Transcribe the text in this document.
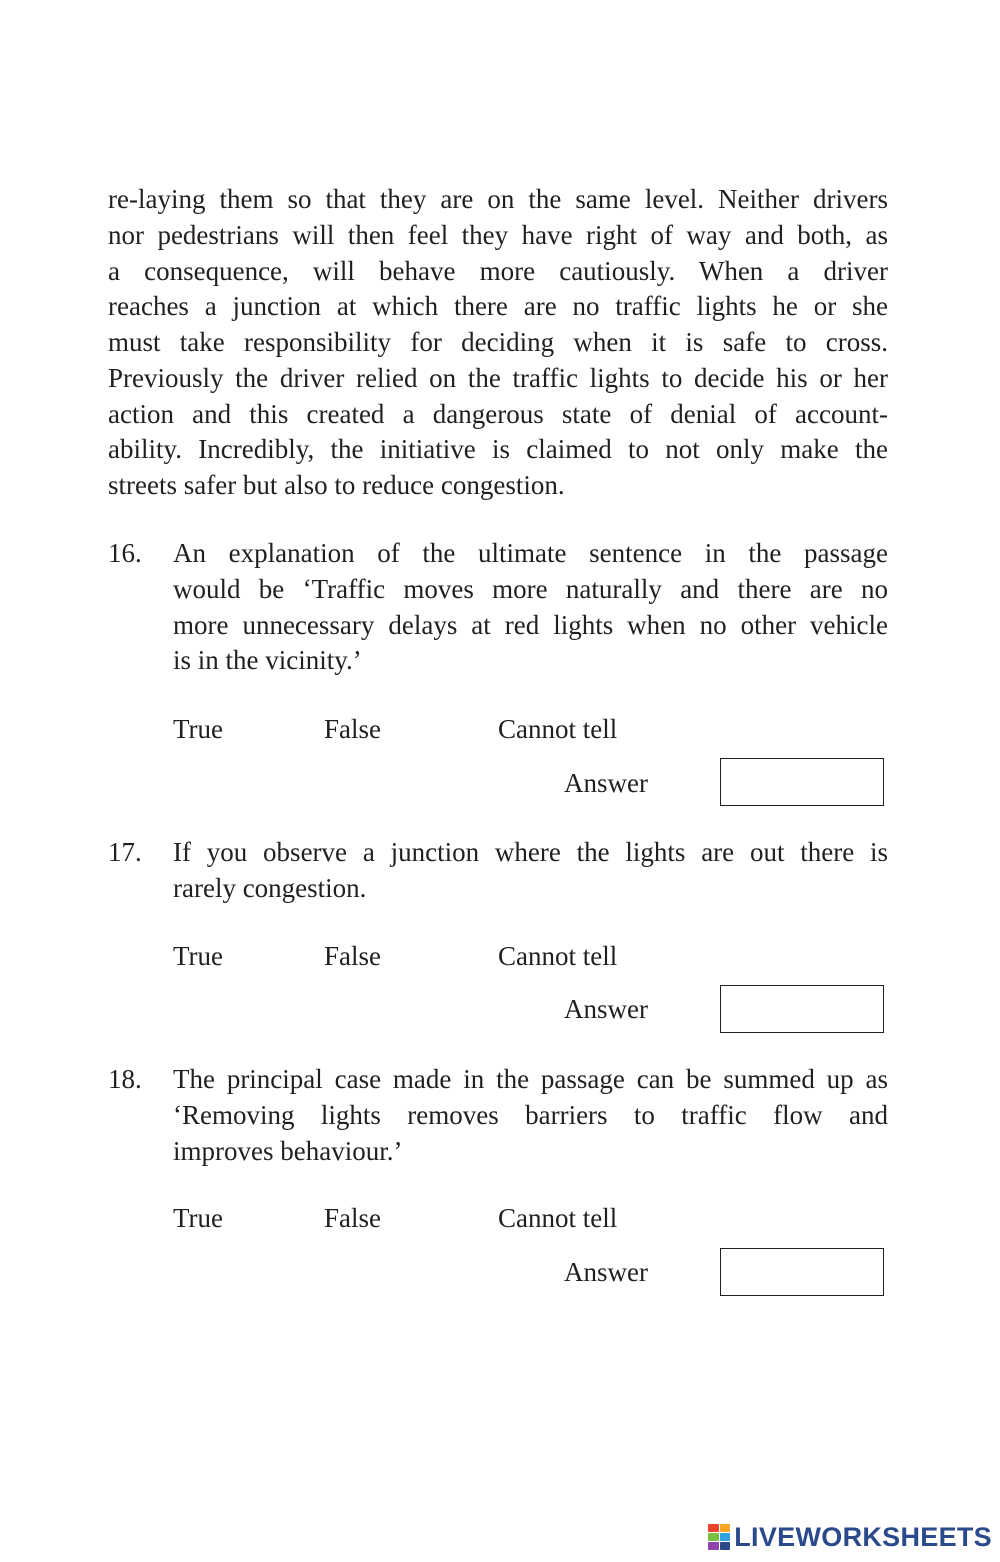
re-laying them so that they are on the same level. Neither drivers
nor pedestrians will then feel they have right of way and both, as
a consequence, will behave more cautiously. When a driver
reaches a junction at which there are no traffic lights he or she
must take responsibility for deciding when it is safe to cross.
Previously the driver relied on the traffic lights to decide his or her
action and this created a dangerous state of denial of account-
ability. Incredibly, the initiative is claimed to not only make the
streets safer but also to reduce congestion.
16. An explanation of the ultimate sentence in the passage
would be ‘Traffic moves more naturally and there are no
more unnecessary delays at red lights when no other vehicle
is in the vicinity.’
True	False	Cannot tell
Answer
17. If you observe a junction where the lights are out there is
rarely congestion.
True	False	Cannot tell
Answer
18. The principal case made in the passage can be summed up as
‘Removing lights removes barriers to traffic flow and
improves behaviour.’
True	False	Cannot tell
Answer
LIVEWORKSHEETS
